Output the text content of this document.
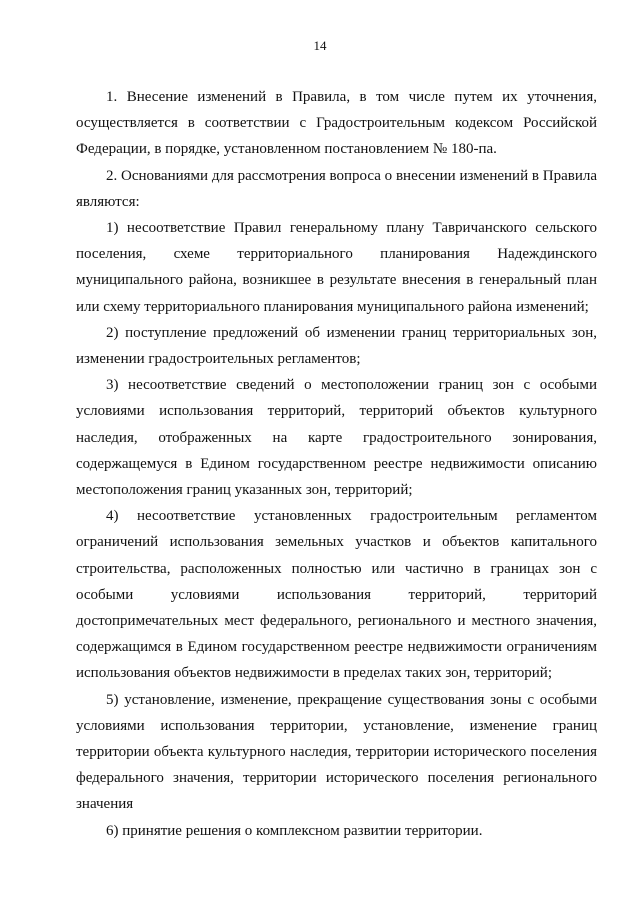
14

1. Внесение изменений в Правила, в том числе путем их уточнения, осуществляется в соответствии с Градостроительным кодексом Российской Федерации, в порядке, установленном постановлением № 180-па.

2. Основаниями для рассмотрения вопроса о внесении изменений в Правила являются:

1) несоответствие Правил генеральному плану Тавричанского сельского поселения, схеме территориального планирования Надеждинского муниципального района, возникшее в результате внесения в генеральный план или схему территориального планирования муниципального района изменений;

2) поступление предложений об изменении границ территориальных зон, изменении градостроительных регламентов;

3) несоответствие сведений о местоположении границ зон с особыми условиями использования территорий, территорий объектов культурного наследия, отображенных на карте градостроительного зонирования, содержащемуся в Едином государственном реестре недвижимости описанию местоположения границ указанных зон, территорий;

4) несоответствие установленных градостроительным регламентом ограничений использования земельных участков и объектов капитального строительства, расположенных полностью или частично в границах зон с особыми условиями использования территорий, территорий достопримечательных мест федерального, регионального и местного значения, содержащимся в Едином государственном реестре недвижимости ограничениям использования объектов недвижимости в пределах таких зон, территорий;

5) установление, изменение, прекращение существования зоны с особыми условиями использования территории, установление, изменение границ территории объекта культурного наследия, территории исторического поселения федерального значения, территории исторического поселения регионального значения

6) принятие решения о комплексном развитии территории.
